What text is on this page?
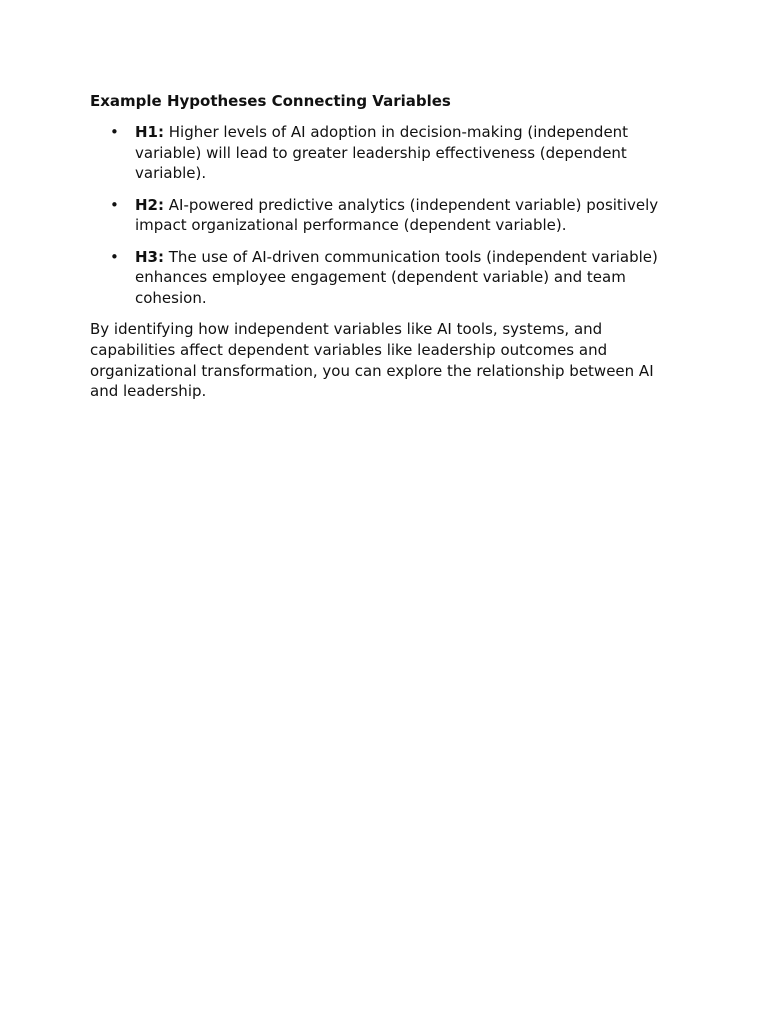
Example Hypotheses Connecting Variables
• H1: Higher levels of AI adoption in decision-making (independent variable) will lead to greater leadership effectiveness (dependent variable).
• H2: AI-powered predictive analytics (independent variable) positively impact organizational performance (dependent variable).
• H3: The use of AI-driven communication tools (independent variable) enhances employee engagement (dependent variable) and team cohesion.

By identifying how independent variables like AI tools, systems, and capabilities affect dependent variables like leadership outcomes and organizational transformation, you can explore the relationship between AI and leadership.
